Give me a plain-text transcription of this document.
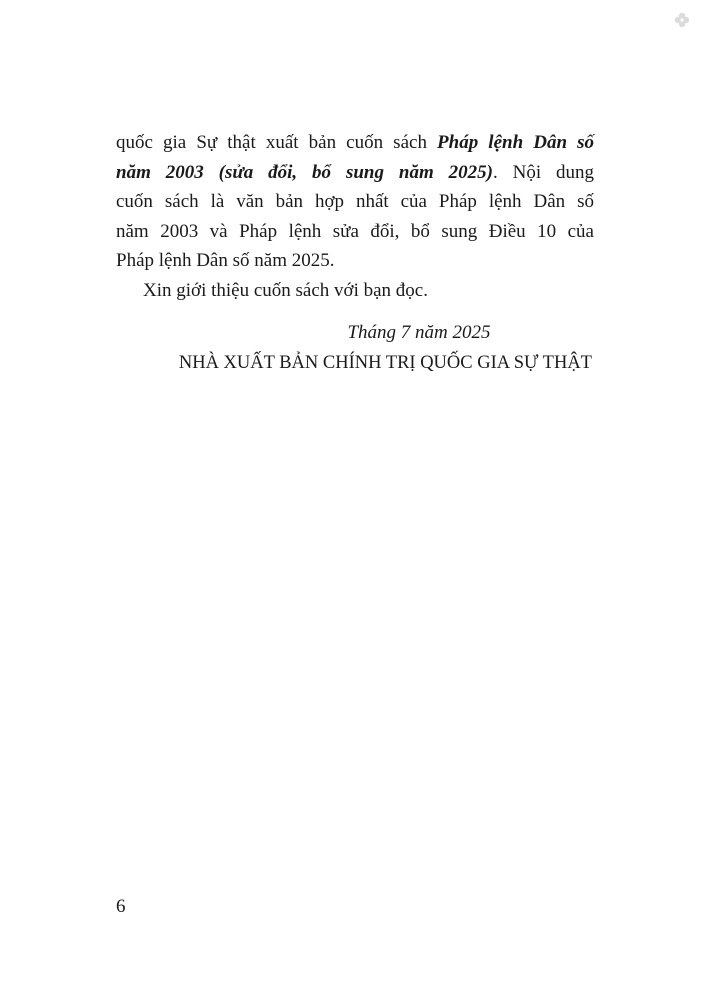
quốc gia Sự thật xuất bản cuốn sách Pháp lệnh Dân số
năm 2003 (sửa đổi, bổ sung năm 2025). Nội dung
cuốn sách là văn bản hợp nhất của Pháp lệnh Dân số
năm 2003 và Pháp lệnh sửa đổi, bổ sung Điều 10 của
Pháp lệnh Dân số năm 2025.
Xin giới thiệu cuốn sách với bạn đọc.
Tháng 7 năm 2025
NHÀ XUẤT BẢN CHÍNH TRỊ QUỐC GIA SỰ THẬT
6
